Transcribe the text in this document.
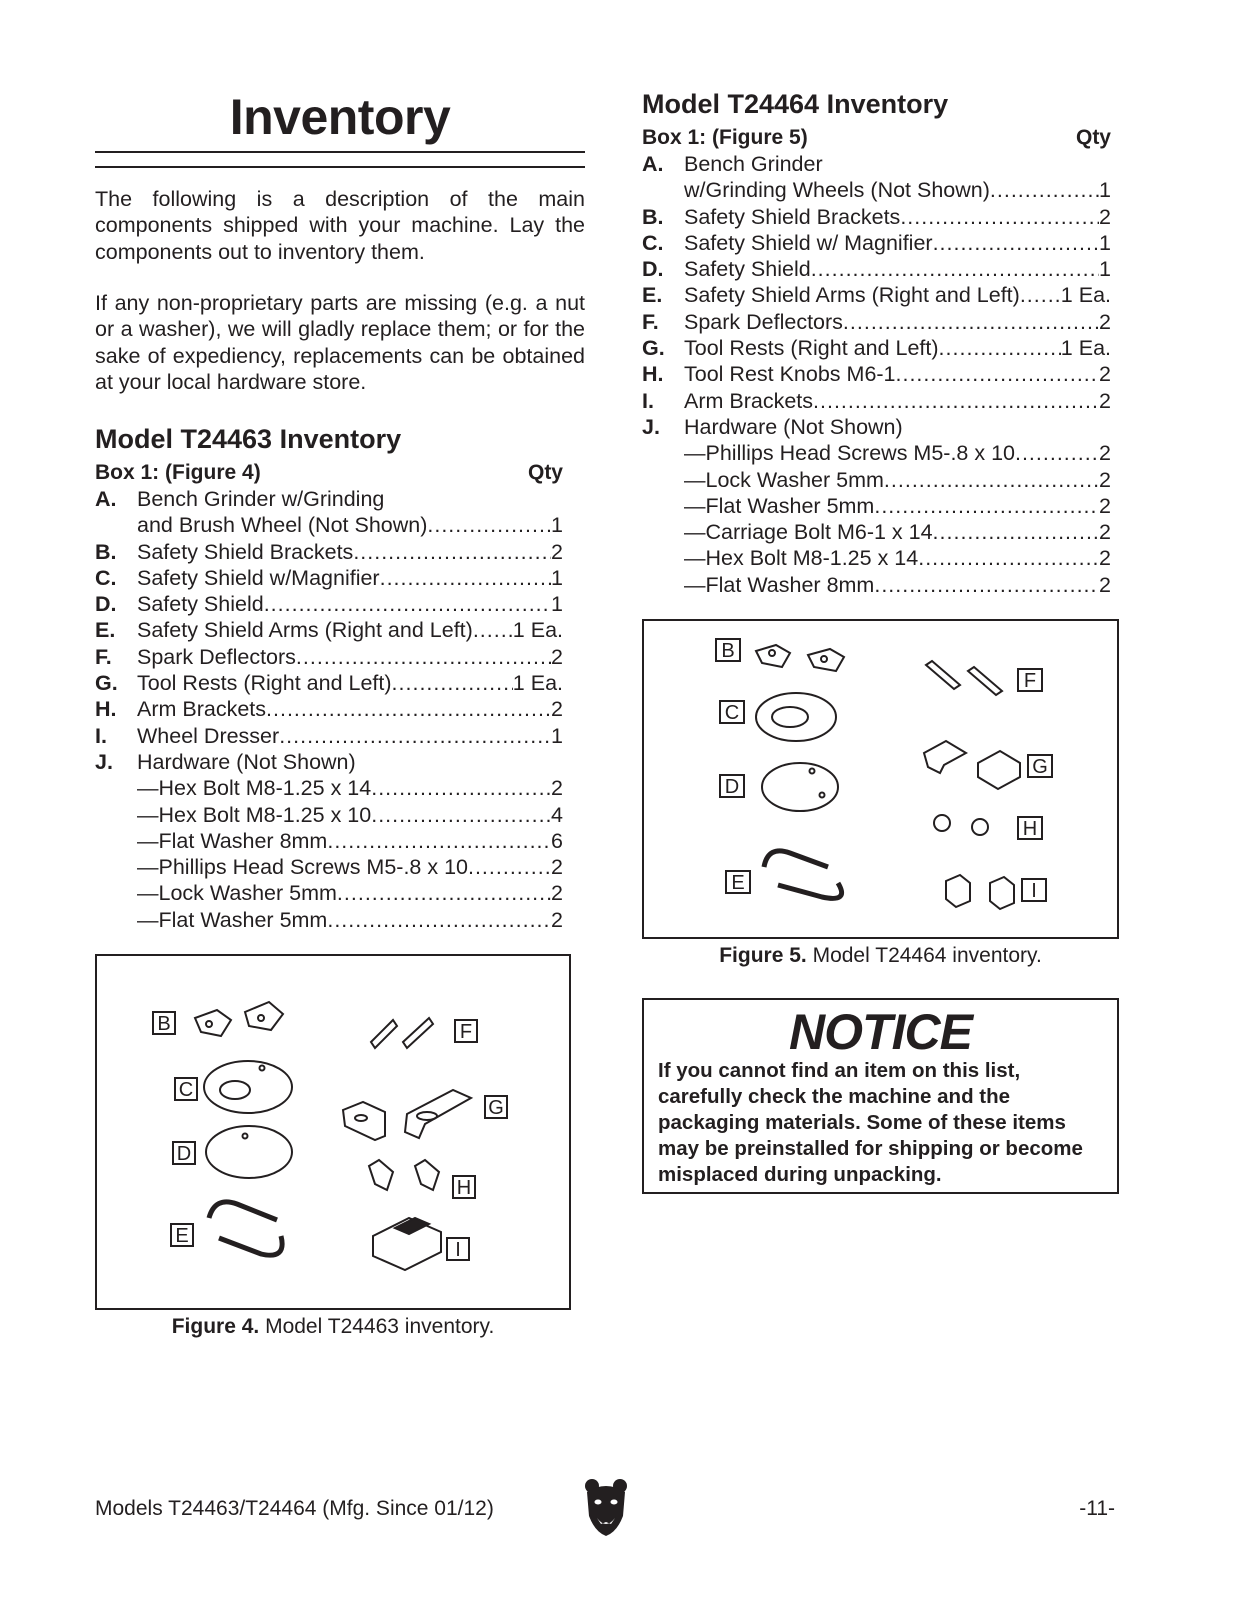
Inventory

The following is a description of the main components shipped with your machine. Lay the components out to inventory them.

If any non-proprietary parts are missing (e.g. a nut or a washer), we will gladly replace them; or for the sake of expediency, replacements can be obtained at your local hardware store.

Model T24463 Inventory
Box 1: (Figure 4)	Qty
A. Bench Grinder w/Grinding
and Brush Wheel (Not Shown) .....	1
B. Safety Shield Brackets .....	2
C. Safety Shield w/Magnifier .....	1
D. Safety Shield .....	1
E. Safety Shield Arms (Right and Left) ..... 1 Ea.
F. Spark Deflectors .....	2
G. Tool Rests (Right and Left) .....	1 Ea.
H. Arm Brackets .....	2
I. Wheel Dresser .....	1
J. Hardware (Not Shown)
—Hex Bolt M8-1.25 x 14 .....	2
—Hex Bolt M8-1.25 x 10 .....	4
—Flat Washer 8mm .....	6
—Phillips Head Screws M5-.8 x 10 .....	2
—Lock Washer 5mm .....	2
—Flat Washer 5mm .....	2
B
C
D
E
F
G
H
I
Figure 4. Model T24463 inventory.
Model T24464 Inventory
Box 1: (Figure 5)	Qty
A. Bench Grinder
w/Grinding Wheels (Not Shown) .....	1
B. Safety Shield Brackets .....	2
C. Safety Shield w/ Magnifier .....	1
D. Safety Shield .....	1
E. Safety Shield Arms (Right and Left) ..... 1 Ea.
F. Spark Deflectors .....	2
G. Tool Rests (Right and Left) .....	1 Ea.
H. Tool Rest Knobs M6-1 .....	2
I. Arm Brackets .....	2
J. Hardware (Not Shown)
—Phillips Head Screws M5-.8 x 10 .....	2
—Lock Washer 5mm .....	2
—Flat Washer 5mm .....	2
—Carriage Bolt M6-1 x 14 .....	2
—Hex Bolt M8-1.25 x 14 .....	2
—Flat Washer 8mm .....	2
B
C
D
E
F
G
H
I
Figure 5. Model T24464 inventory.
NOTICE

If you cannot find an item on this list, carefully check the machine and the packaging materials. Some of these items may be preinstalled for shipping or become misplaced during unpacking.

Models T24463/T24464 (Mfg. Since 01/12)	-11-
